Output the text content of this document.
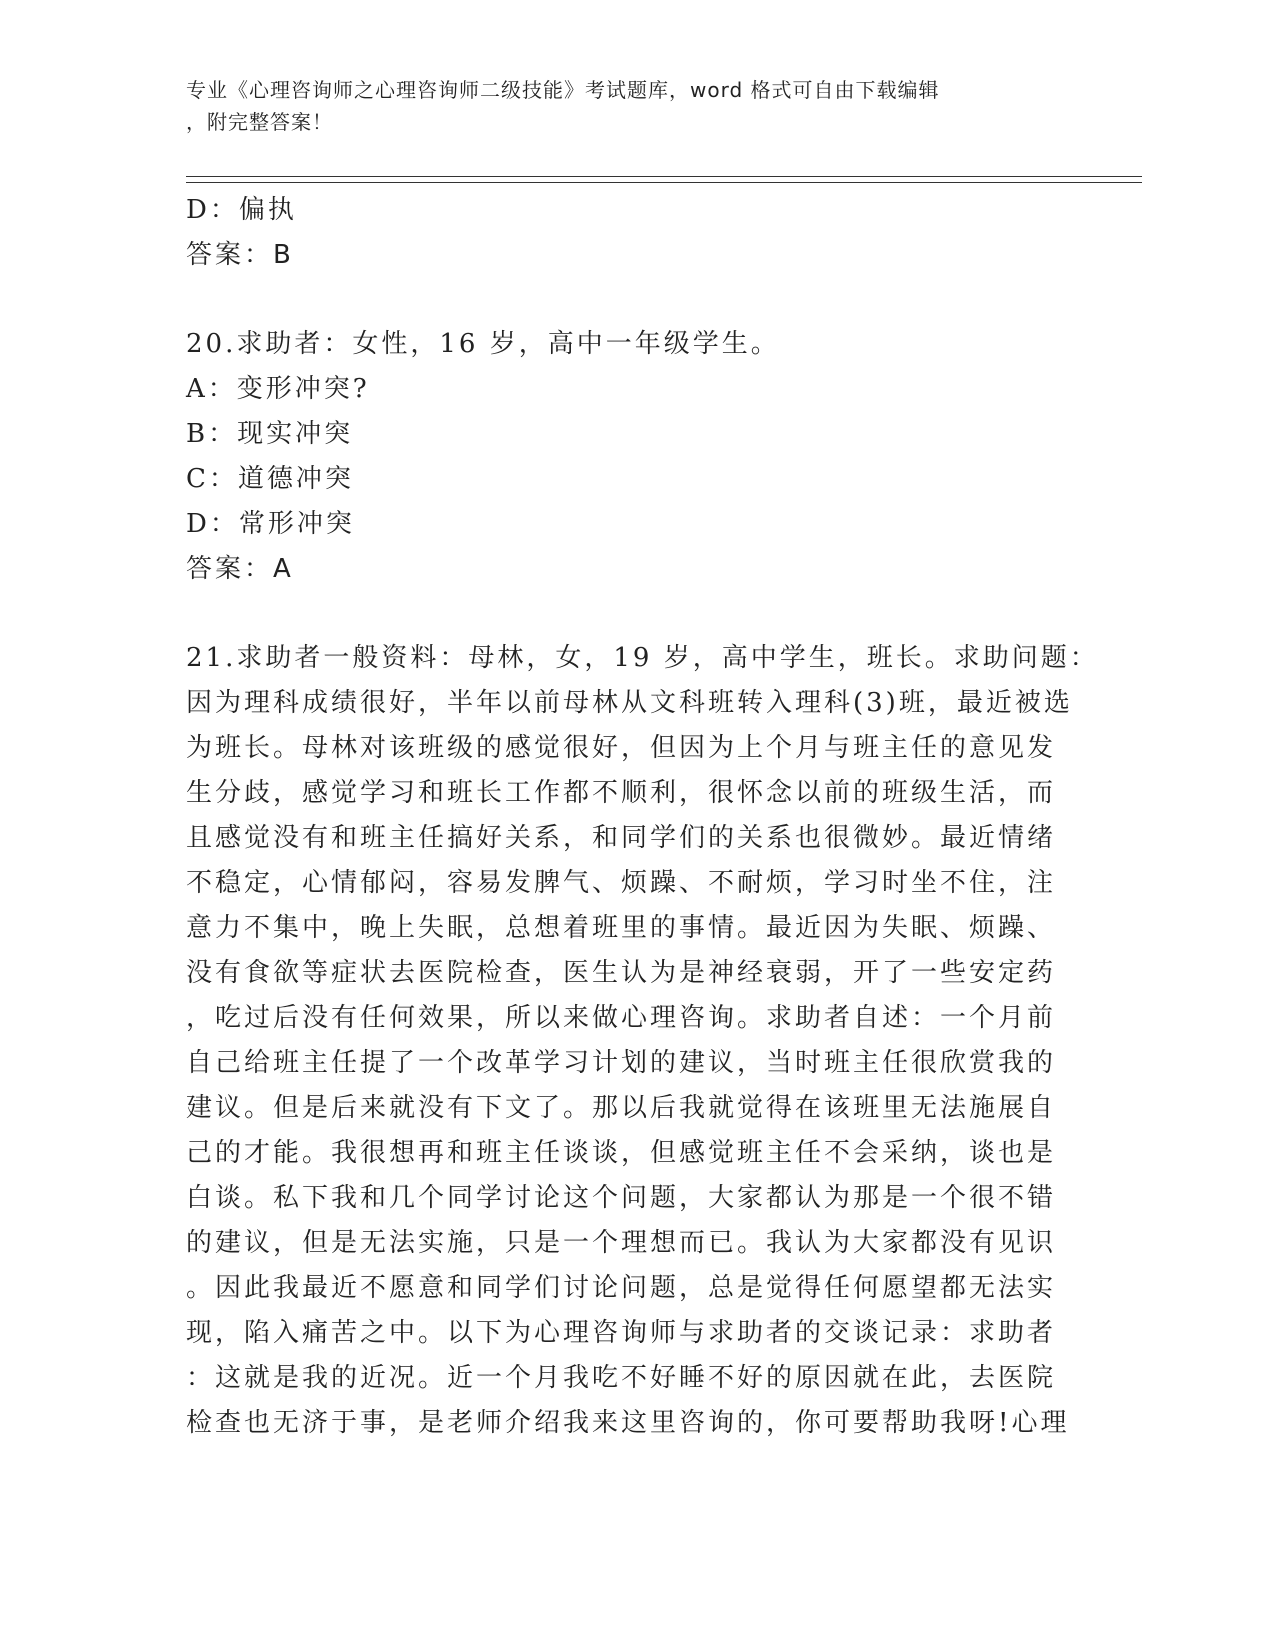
专业《心理咨询师之心理咨询师二级技能》考试题库，word 格式可自由下载编辑
，附完整答案！
D：偏执
答案：B
20.求助者：女性，16 岁，高中一年级学生。
A：变形冲突?
B：现实冲突
C：道德冲突
D：常形冲突
答案：A
21.求助者一般资料：母林，女，19 岁，高中学生，班长。求助问题：
因为理科成绩很好，半年以前母林从文科班转入理科(3)班，最近被选
为班长。母林对该班级的感觉很好，但因为上个月与班主任的意见发
生分歧，感觉学习和班长工作都不顺利，很怀念以前的班级生活，而
且感觉没有和班主任搞好关系，和同学们的关系也很微妙。最近情绪
不稳定，心情郁闷，容易发脾气、烦躁、不耐烦，学习时坐不住，注
意力不集中，晚上失眠，总想着班里的事情。最近因为失眠、烦躁、
没有食欲等症状去医院检查，医生认为是神经衰弱，开了一些安定药
，吃过后没有任何效果，所以来做心理咨询。求助者自述：一个月前
自己给班主任提了一个改革学习计划的建议，当时班主任很欣赏我的
建议。但是后来就没有下文了。那以后我就觉得在该班里无法施展自
己的才能。我很想再和班主任谈谈，但感觉班主任不会采纳，谈也是
白谈。私下我和几个同学讨论这个问题，大家都认为那是一个很不错
的建议，但是无法实施，只是一个理想而已。我认为大家都没有见识
。因此我最近不愿意和同学们讨论问题，总是觉得任何愿望都无法实
现，陷入痛苦之中。以下为心理咨询师与求助者的交谈记录：求助者
：这就是我的近况。近一个月我吃不好睡不好的原因就在此，去医院
检查也无济于事，是老师介绍我来这里咨询的，你可要帮助我呀!心理
